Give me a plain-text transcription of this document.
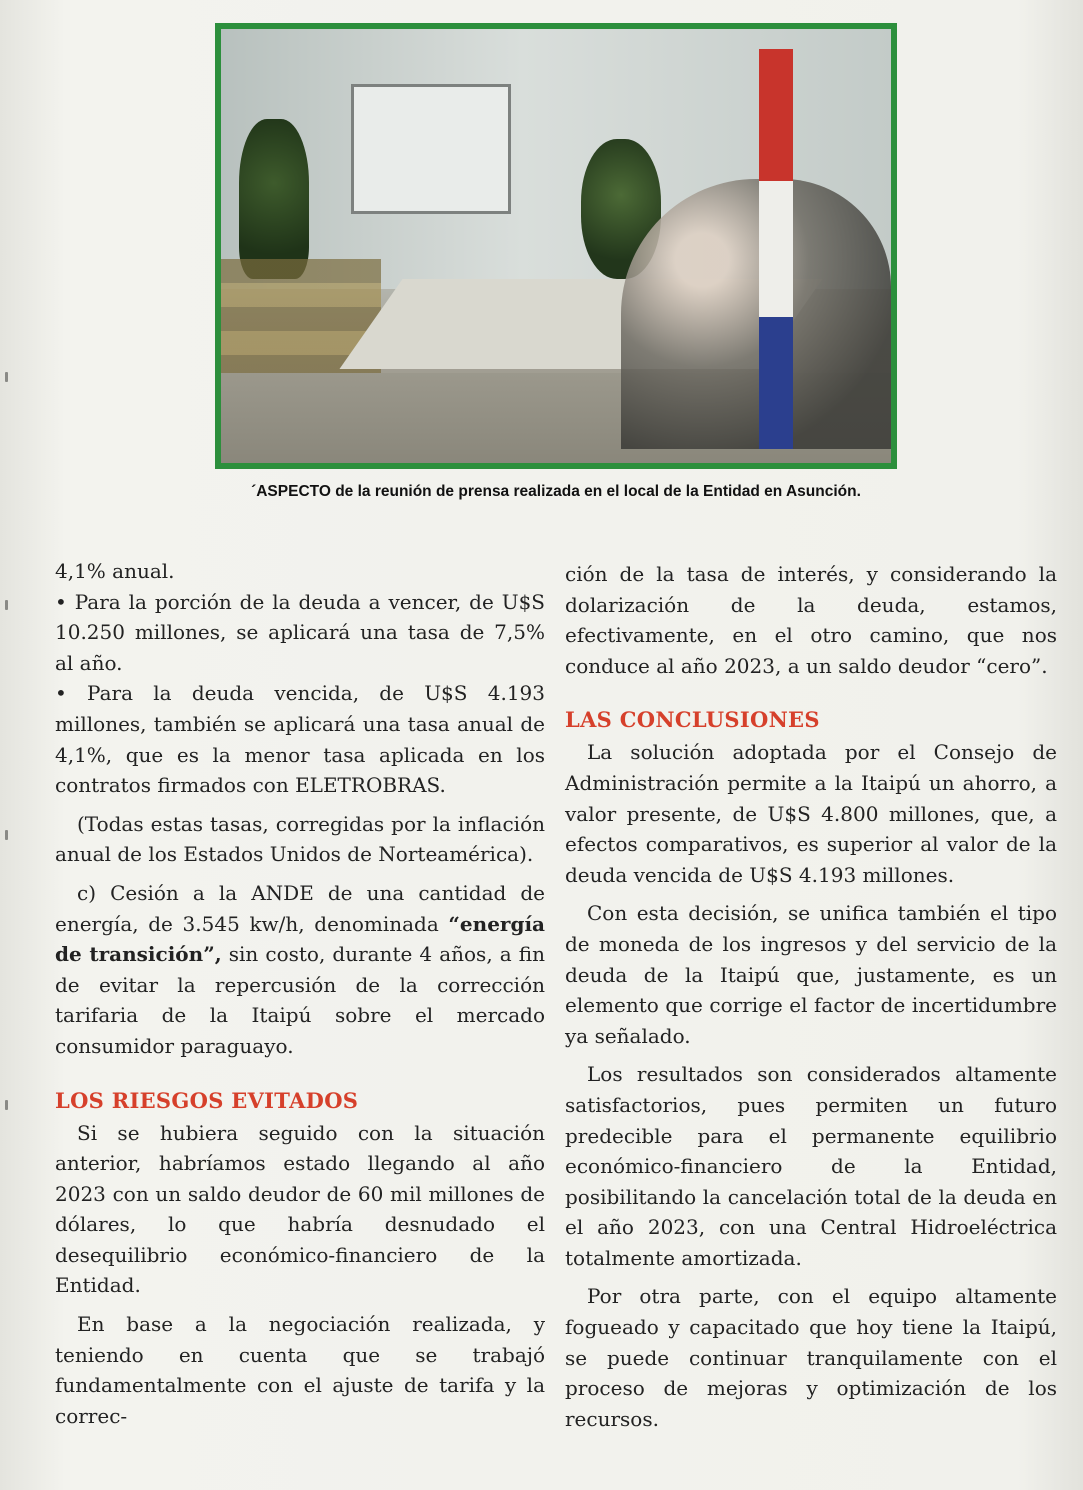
´ASPECTO de la reunión de prensa realizada en el local de la Entidad en Asunción.

4,1% anual.

• Para la porción de la deuda a vencer, de U$S 10.250 millones, se aplicará una tasa de 7,5% al año.

• Para la deuda vencida, de U$S 4.193 millones, también se aplicará una tasa anual de 4,1%, que es la menor tasa aplicada en los contratos firmados con ELETROBRAS.

(Todas estas tasas, corregidas por la inflación anual de los Estados Unidos de Norteamérica).

c) Cesión a la ANDE de una cantidad de energía, de 3.545 kw/h, denominada “energía de transición”, sin costo, durante 4 años, a fin de evitar la repercusión de la corrección tarifaria de la Itaipú sobre el mercado consumidor paraguayo.

LOS RIESGOS EVITADOS

Si se hubiera seguido con la situación anterior, habríamos estado llegando al año 2023 con un saldo deudor de 60 mil millones de dólares, lo que habría desnudado el desequilibrio económico-financiero de la Entidad.

En base a la negociación realizada, y teniendo en cuenta que se trabajó fundamentalmente con el ajuste de tarifa y la correc-

ción de la tasa de interés, y considerando la dolarización de la deuda, estamos, efectivamente, en el otro camino, que nos conduce al año 2023, a un saldo deudor “cero”.

LAS CONCLUSIONES

La solución adoptada por el Consejo de Administración permite a la Itaipú un ahorro, a valor presente, de U$S 4.800 millones, que, a efectos comparativos, es superior al valor de la deuda vencida de U$S 4.193 millones.

Con esta decisión, se unifica también el tipo de moneda de los ingresos y del servicio de la deuda de la Itaipú que, justamente, es un elemento que corrige el factor de incertidumbre ya señalado.

Los resultados son considerados altamente satisfactorios, pues permiten un futuro predecible para el permanente equilibrio económico-financiero de la Entidad, posibilitando la cancelación total de la deuda en el año 2023, con una Central Hidroeléctrica totalmente amortizada.

Por otra parte, con el equipo altamente fogueado y capacitado que hoy tiene la Itaipú, se puede continuar tranquilamente con el proceso de mejoras y optimización de los recursos.
